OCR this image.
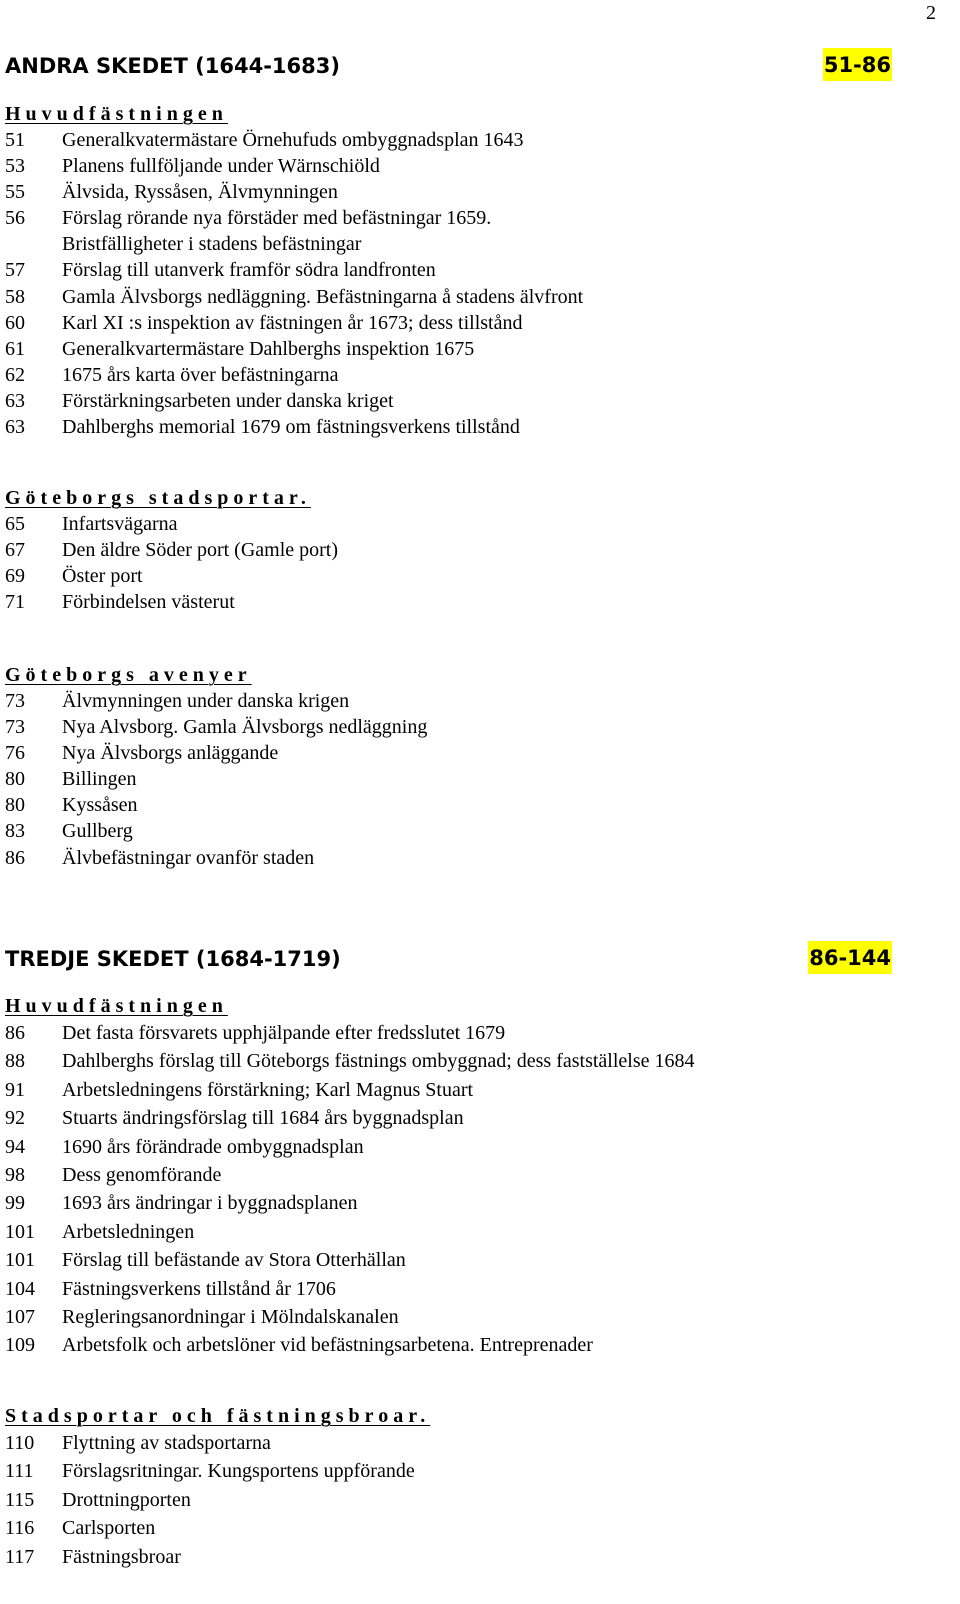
2
ANDRA SKEDET (1644-1683)	51-86
Huvudfästningen
51	Generalkvatermästare Örnehufuds ombyggnadsplan 1643
53	Planens fullföljande under Wärnschiöld
55	Älvsida, Ryssåsen, Älvmynningen
56	Förslag rörande nya förstäder med befästningar 1659.
Bristfälligheter i stadens befästningar
57	Förslag till utanverk framför södra landfronten
58	Gamla Älvsborgs nedläggning. Befästningarna å stadens älvfront
60	Karl XI :s inspektion av fästningen år 1673; dess tillstånd
61	Generalkvartermästare Dahlberghs inspektion 1675
62	1675 års karta över befästningarna
63	Förstärkningsarbeten under danska kriget
63	Dahlberghs memorial 1679 om fästningsverkens tillstånd
Göteborgs stadsportar.
65	Infartsvägarna
67	Den äldre Söder port (Gamle port)
69	Öster port
71	Förbindelsen västerut
Göteborgs avenyer
73	Älvmynningen under danska krigen
73	Nya Alvsborg. Gamla Älvsborgs nedläggning
76	Nya Älvsborgs anläggande
80	Billingen
80	Kyssåsen
83	Gullberg
86	Älvbefästningar ovanför staden
TREDJE SKEDET (1684-1719)	86-144
Huvudfästningen
86	Det fasta försvarets upphjälpande efter fredsslutet 1679
88	Dahlberghs förslag till Göteborgs fästnings ombyggnad; dess fastställelse 1684
91	Arbetsledningens förstärkning; Karl Magnus Stuart
92	Stuarts ändringsförslag till 1684 års byggnadsplan
94	1690 års förändrade ombyggnadsplan
98	Dess genomförande
99	1693 års ändringar i byggnadsplanen
101	Arbetsledningen
101	Förslag till befästande av Stora Otterhällan
104	Fästningsverkens tillstånd år 1706
107	Regleringsanordningar i Mölndalskanalen
109	Arbetsfolk och arbetslöner vid befästningsarbetena. Entreprenader
Stadsportar och fästningsbroar.
110	Flyttning av stadsportarna
111	Förslagsritningar. Kungsportens uppförande
115	Drottningporten
116	Carlsporten
117	Fästningsbroar
